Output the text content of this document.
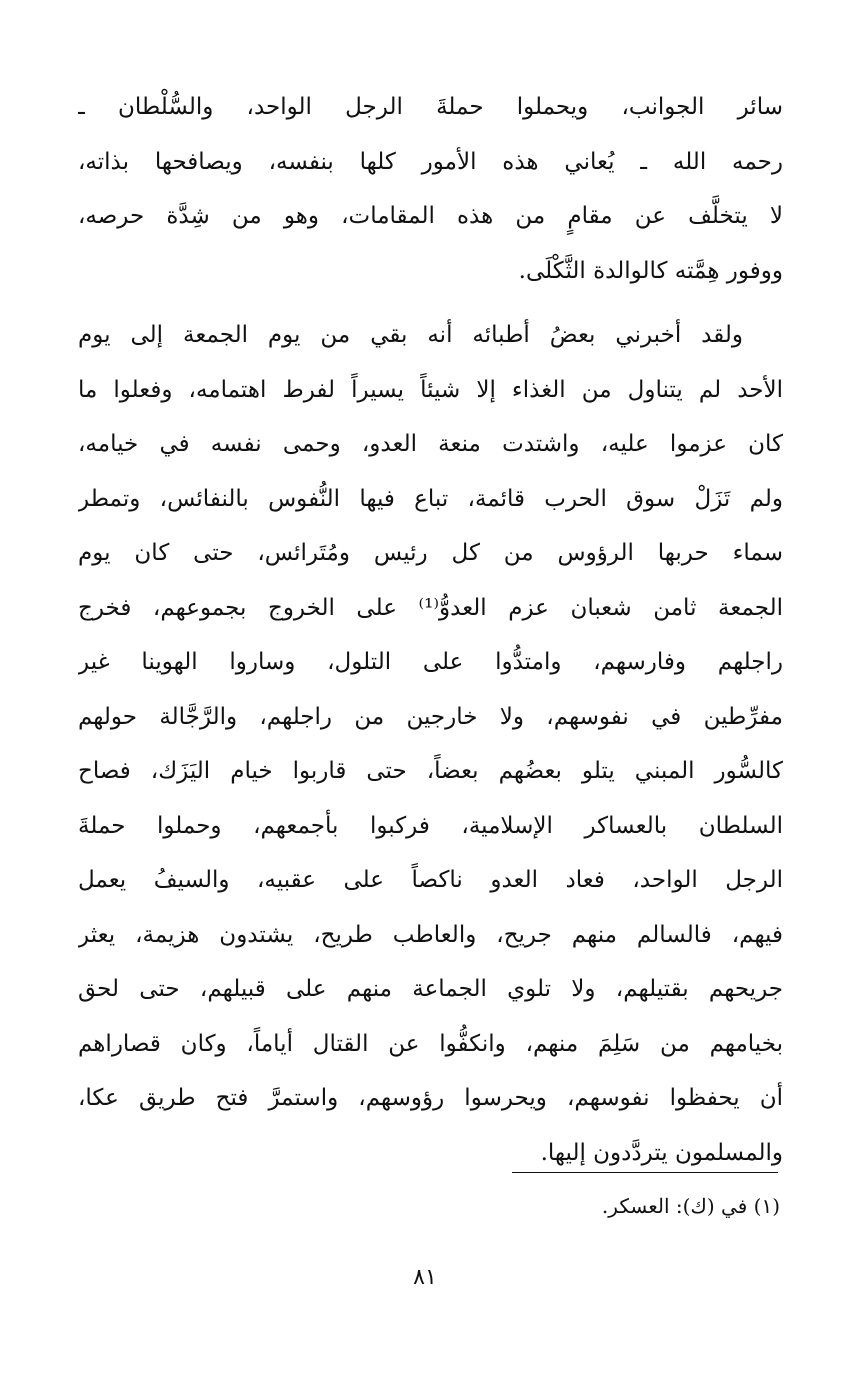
سائر الجوانب، ويحملوا حملةَ الرجل الواحد، والسُّلْطان ـ
رحمه الله ـ يُعاني هذه الأمور كلها بنفسه، ويصافحها بذاته،
لا يتخلَّف عن مقامٍ من هذه المقامات، وهو من شِدَّة حرصه،
ووفور هِمَّته كالوالدة الثَّكْلَى.
ولقد أخبرني بعضُ أطبائه أنه بقي من يوم الجمعة إلى يوم
الأحد لم يتناول من الغذاء إلا شيئاً يسيراً لفرط اهتمامه، وفعلوا ما
كان عزموا عليه، واشتدت منعة العدو، وحمى نفسه في خيامه،
ولم تَزَلْ سوق الحرب قائمة، تباع فيها النُّفوس بالنفائس، وتمطر
سماء حربها الرؤوس من كل رئيس ومُتَرائس، حتى كان يوم
الجمعة ثامن شعبان عزم العدوُّ⁽¹⁾ على الخروج بجموعهم، فخرج
راجلهم وفارسهم، وامتدُّوا على التلول، وساروا الهوينا غير
مفرِّطين في نفوسهم، ولا خارجين من راجلهم، والرَّجَّالة حولهم
كالسُّور المبني يتلو بعضُهم بعضاً، حتى قاربوا خيام اليَزَك، فصاح
السلطان بالعساكر الإسلامية، فركبوا بأجمعهم، وحملوا حملةَ
الرجل الواحد، فعاد العدو ناكصاً على عقبيه، والسيفُ يعمل
فيهم، فالسالم منهم جريح، والعاطب طريح، يشتدون هزيمة، يعثر
جريحهم بقتيلهم، ولا تلوي الجماعة منهم على قبيلهم، حتى لحق
بخيامهم من سَلِمَ منهم، وانكفُّوا عن القتال أياماً، وكان قصاراهم
أن يحفظوا نفوسهم، ويحرسوا رؤوسهم، واستمرَّ فتح طريق عكا،
والمسلمون يتردَّدون إليها.
(١) في (ك): العسكر.
٨١
